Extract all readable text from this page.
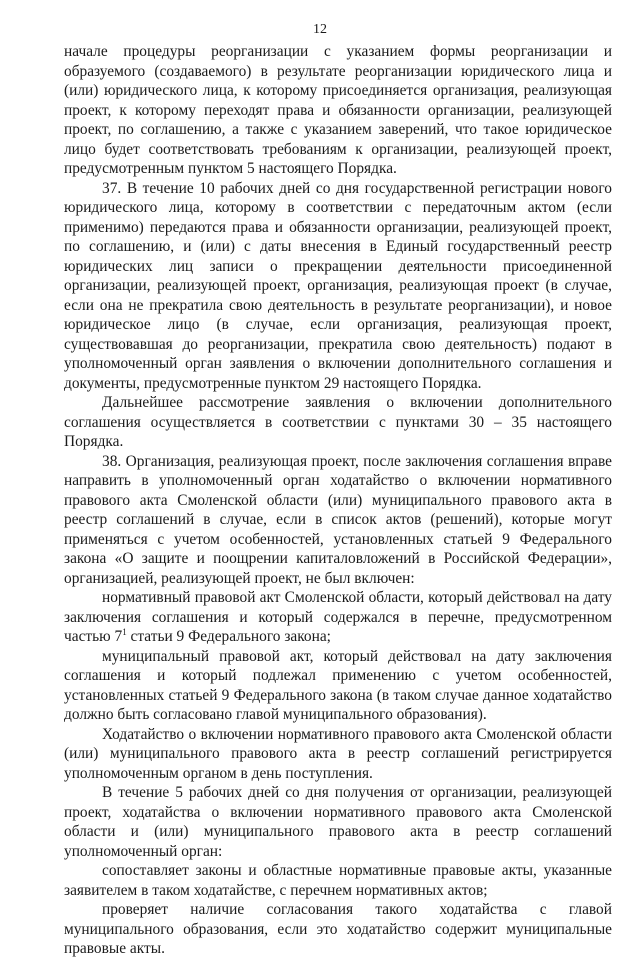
12

начале процедуры реорганизации с указанием формы реорганизации и образуемого (создаваемого) в результате реорганизации юридического лица и (или) юридического лица, к которому присоединяется организация, реализующая проект, к которому переходят права и обязанности организации, реализующей проект, по соглашению, а также с указанием заверений, что такое юридическое лицо будет соответствовать требованиям к организации, реализующей проект, предусмотренным пунктом 5 настоящего Порядка.

37. В течение 10 рабочих дней со дня государственной регистрации нового юридического лица, которому в соответствии с передаточным актом (если применимо) передаются права и обязанности организации, реализующей проект, по соглашению, и (или) с даты внесения в Единый государственный реестр юридических лиц записи о прекращении деятельности присоединенной организации, реализующей проект, организация, реализующая проект (в случае, если она не прекратила свою деятельность в результате реорганизации), и новое юридическое лицо (в случае, если организация, реализующая проект, существовавшая до реорганизации, прекратила свою деятельность) подают в уполномоченный орган заявления о включении дополнительного соглашения и документы, предусмотренные пунктом 29 настоящего Порядка.

Дальнейшее рассмотрение заявления о включении дополнительного соглашения осуществляется в соответствии с пунктами 30 – 35 настоящего Порядка.

38. Организация, реализующая проект, после заключения соглашения вправе направить в уполномоченный орган ходатайство о включении нормативного правового акта Смоленской области (или) муниципального правового акта в реестр соглашений в случае, если в список актов (решений), которые могут применяться с учетом особенностей, установленных статьей 9 Федерального закона «О защите и поощрении капиталовложений в Российской Федерации», организацией, реализующей проект, не был включен:

нормативный правовой акт Смоленской области, который действовал на дату заключения соглашения и который содержался в перечне, предусмотренном частью $7^1$ статьи 9 Федерального закона;

муниципальный правовой акт, который действовал на дату заключения соглашения и который подлежал применению с учетом особенностей, установленных статьей 9 Федерального закона (в таком случае данное ходатайство должно быть согласовано главой муниципального образования).

Ходатайство о включении нормативного правового акта Смоленской области (или) муниципального правового акта в реестр соглашений регистрируется уполномоченным органом в день поступления.

В течение 5 рабочих дней со дня получения от организации, реализующей проект, ходатайства о включении нормативного правового акта Смоленской области и (или) муниципального правового акта в реестр соглашений уполномоченный орган:

сопоставляет законы и областные нормативные правовые акты, указанные заявителем в таком ходатайстве, с перечнем нормативных актов;

проверяет наличие согласования такого ходатайства с главой муниципального образования, если это ходатайство содержит муниципальные правовые акты.
